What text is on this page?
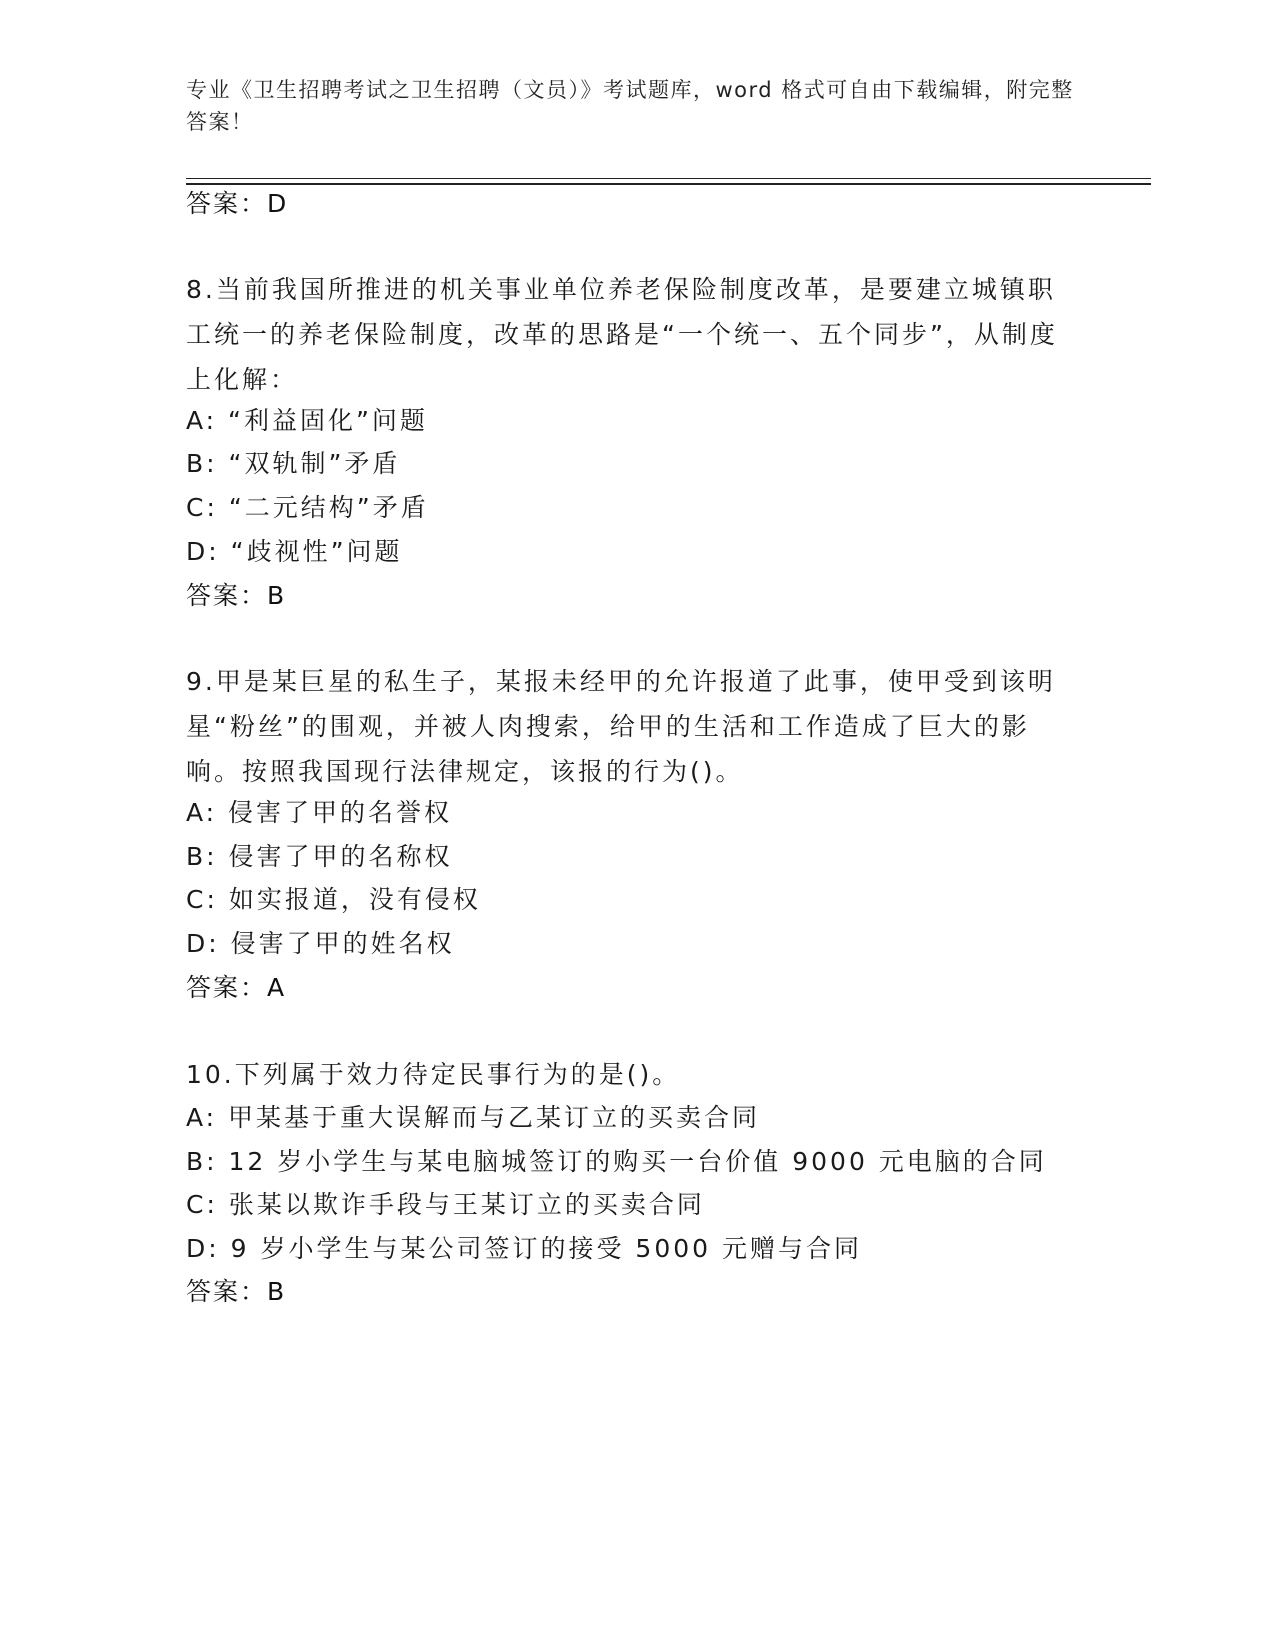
专业《卫生招聘考试之卫生招聘（文员）》考试题库，word 格式可自由下载编辑，附完整答案！
答案：D
8.当前我国所推进的机关事业单位养老保险制度改革，是要建立城镇职工统一的养老保险制度，改革的思路是“一个统一、五个同步”，从制度上化解：
A: “利益固化”问题
B: “双轨制”矛盾
C: “二元结构”矛盾
D: “歧视性”问题
答案：B
9.甲是某巨星的私生子，某报未经甲的允许报道了此事，使甲受到该明星“粉丝”的围观，并被人肉搜索，给甲的生活和工作造成了巨大的影响。按照我国现行法律规定，该报的行为()。
A: 侵害了甲的名誉权
B: 侵害了甲的名称权
C: 如实报道，没有侵权
D: 侵害了甲的姓名权
答案：A
10.下列属于效力待定民事行为的是()。
A: 甲某基于重大误解而与乙某订立的买卖合同
B: 12 岁小学生与某电脑城签订的购买一台价值 9000 元电脑的合同
C: 张某以欺诈手段与王某订立的买卖合同
D: 9 岁小学生与某公司签订的接受 5000 元赠与合同
答案：B
